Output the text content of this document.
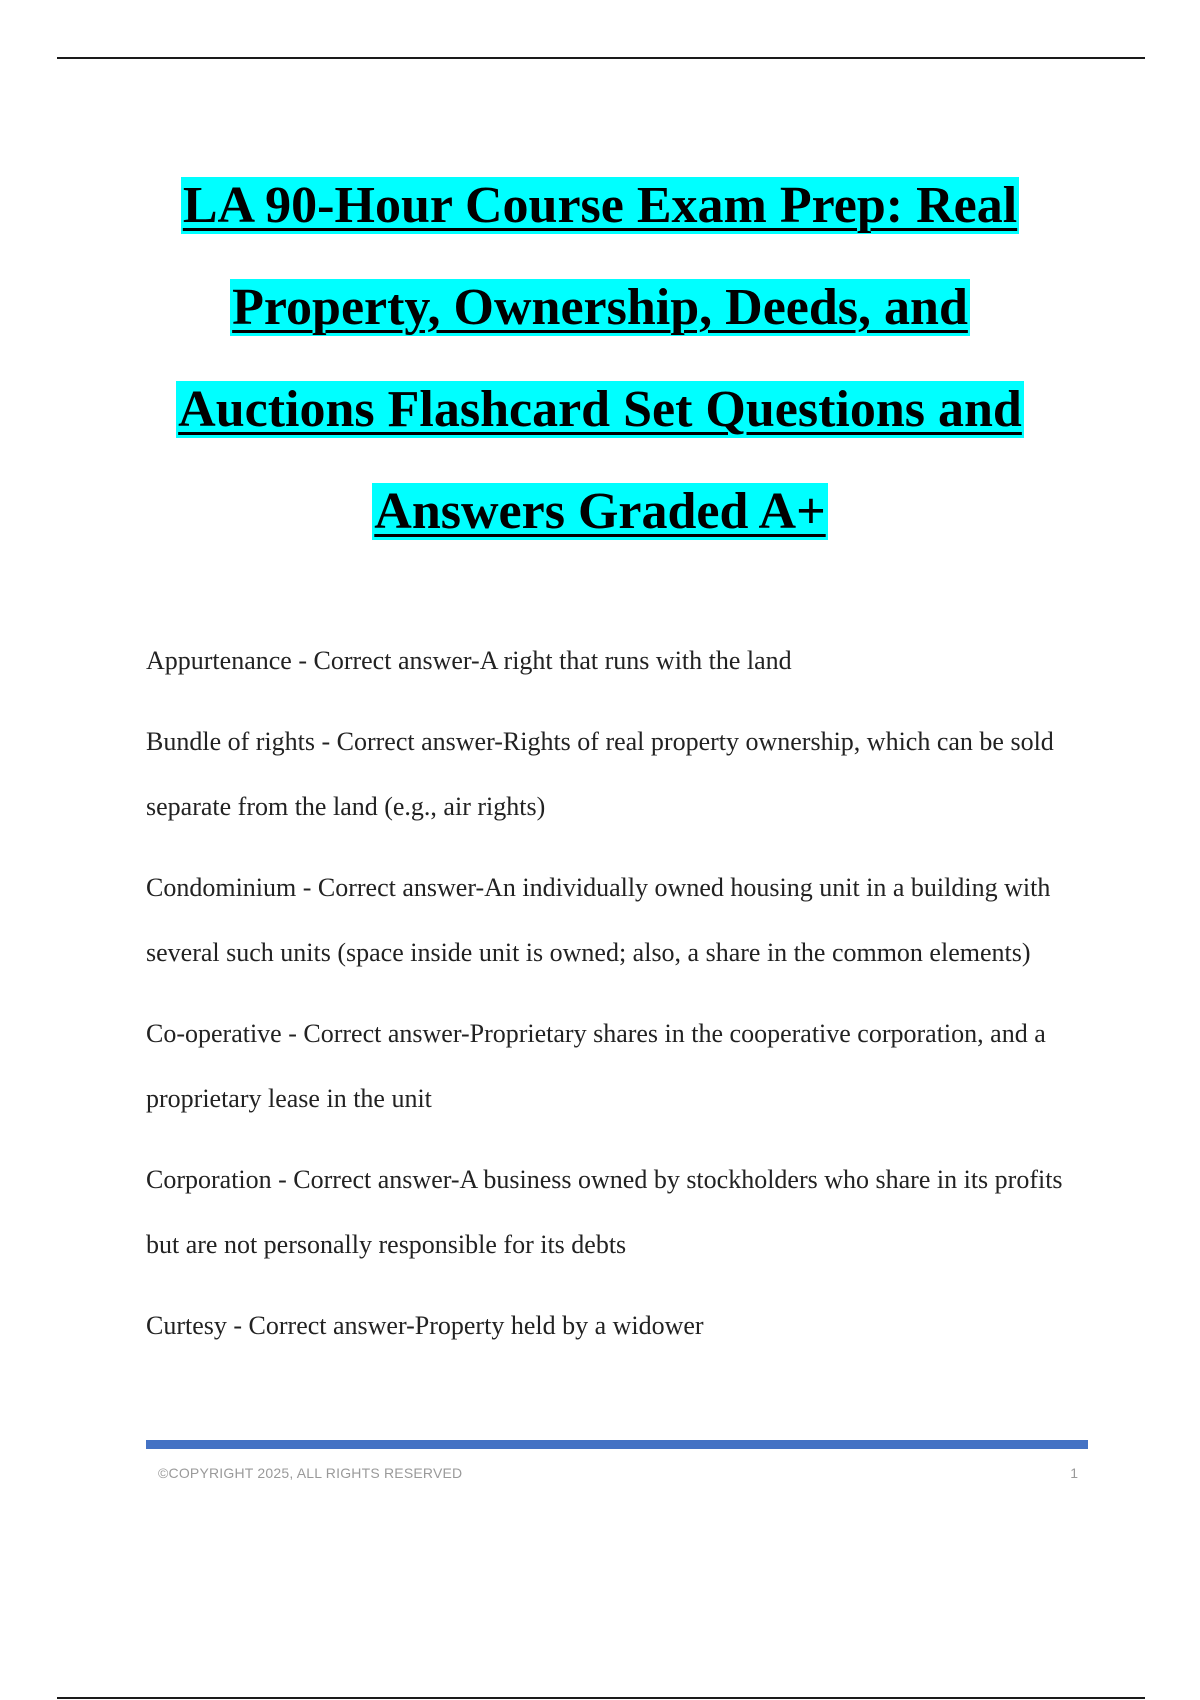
LA 90-Hour Course Exam Prep: Real
Property, Ownership, Deeds, and
Auctions Flashcard Set Questions and
Answers Graded A+

Appurtenance - Correct answer-A right that runs with the land

Bundle of rights - Correct answer-Rights of real property ownership, which can be sold separate from the land (e.g., air rights)

Condominium - Correct answer-An individually owned housing unit in a building with several such units (space inside unit is owned; also, a share in the common elements)

Co-operative - Correct answer-Proprietary shares in the cooperative corporation, and a proprietary lease in the unit

Corporation - Correct answer-A business owned by stockholders who share in its profits but are not personally responsible for its debts

Curtesy - Correct answer-Property held by a widower

©COPYRIGHT 2025, ALL RIGHTS RESERVED	1
